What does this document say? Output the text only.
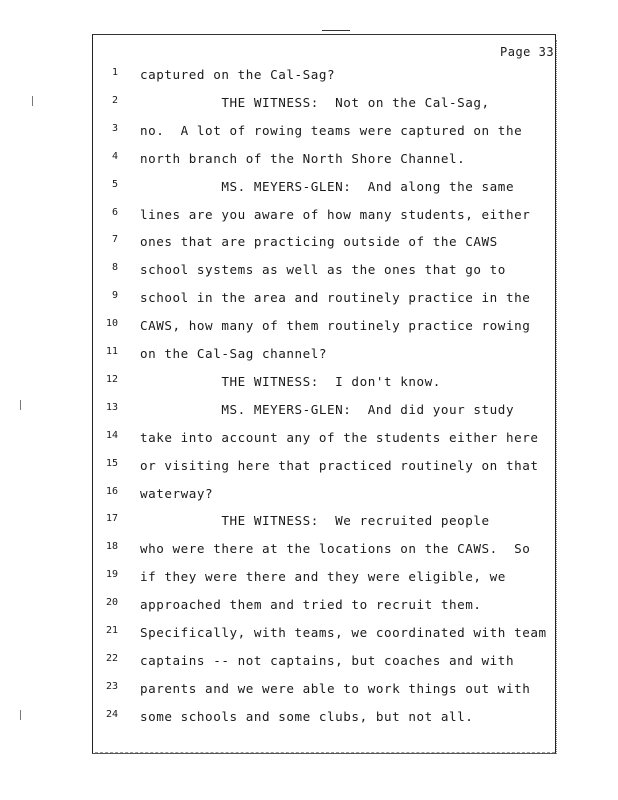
Page 33
1 captured on the Cal-Sag?
2 THE WITNESS:  Not on the Cal-Sag,
3 no.  A lot of rowing teams were captured on the
4 north branch of the North Shore Channel.
5 MS. MEYERS-GLEN:  And along the same
6 lines are you aware of how many students, either
7 ones that are practicing outside of the CAWS
8 school systems as well as the ones that go to
9 school in the area and routinely practice in the
10 CAWS, how many of them routinely practice rowing
11 on the Cal-Sag channel?
12 THE WITNESS:  I don't know.
13 MS. MEYERS-GLEN:  And did your study
14 take into account any of the students either here
15 or visiting here that practiced routinely on that
16 waterway?
17 THE WITNESS:  We recruited people
18 who were there at the locations on the CAWS.  So
19 if they were there and they were eligible, we
20 approached them and tried to recruit them.
21 Specifically, with teams, we coordinated with team
22 captains -- not captains, but coaches and with
23 parents and we were able to work things out with
24 some schools and some clubs, but not all.
